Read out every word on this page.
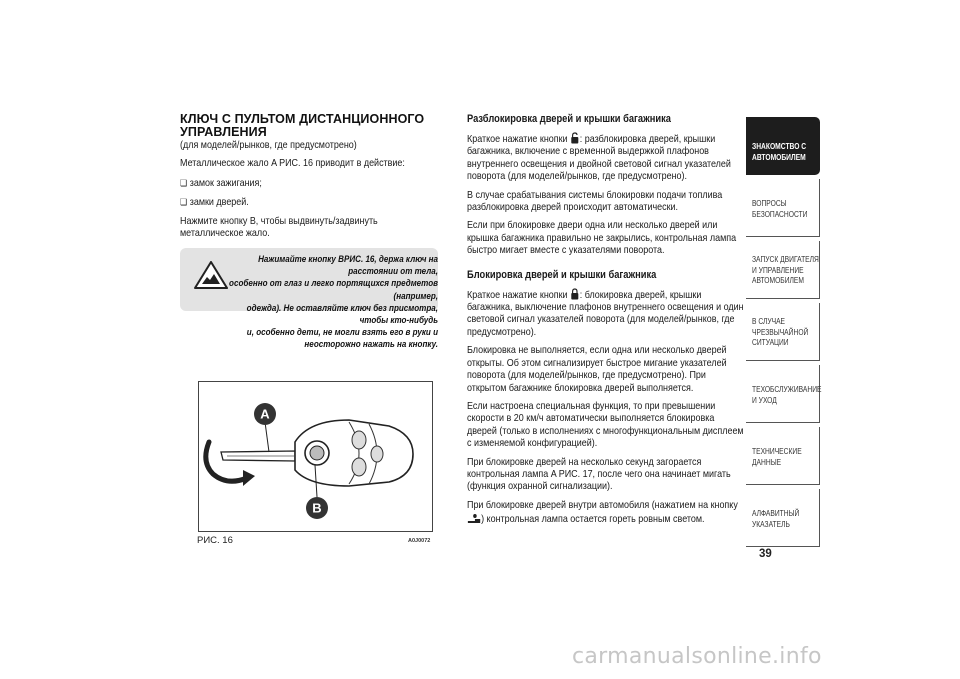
КЛЮЧ С ПУЛЬТОМ ДИСТАНЦИОННОГО УПРАВЛЕНИЯ

(для моделей/рынков, где предусмотрено)

Металлическое жало A РИС. 16 приводит в действие:

❏ замок зажигания;

❏ замки дверей.

Нажмите кнопку B, чтобы выдвинуть/задвинуть металлическое жало.

Нажимайте кнопку ВРИС. 16, держа ключ на расстоянии от тела,
особенно от глаз и легко портящихся предметов (например,
одежда). Не оставляйте ключ без присмотра, чтобы кто-нибудь
и, особенно дети, не могли взять его в руки и неосторожно нажать на кнопку.
A
B
РИС. 16	A0J0072
Разблокировка дверей и крышки багажника

Краткое нажатие кнопки : разблокировка дверей, крышки багажника, включение с временной выдержкой плафонов внутреннего освещения и двойной световой сигнал указателей поворота (для моделей/рынков, где предусмотрено).

В случае срабатывания системы блокировки подачи топлива разблокировка дверей происходит автоматически.

Если при блокировке двери одна или несколько дверей или крышка багажника правильно не закрылись, контрольная лампа быстро мигает вместе с указателями поворота.

Блокировка дверей и крышки багажника

Краткое нажатие кнопки : блокировка дверей, крышки багажника, выключение плафонов внутреннего освещения и один световой сигнал указателей поворота (для моделей/рынков, где предусмотрено).

Блокировка не выполняется, если одна или несколько дверей открыты. Об этом сигнализирует быстрое мигание указателей поворота (для моделей/рынков, где предусмотрено). При открытом багажнике блокировка дверей выполняется.

Если настроена специальная функция, то при превышении скорости в 20 км/ч автоматически выполняется блокировка дверей (только в исполнениях с многофункциональным дисплеем с изменяемой конфигурацией).

При блокировке дверей на несколько секунд загорается контрольная лампа A РИС. 17, после чего она начинает мигать (функция охранной сигнализации).

При блокировке дверей внутри автомобиля (нажатием на кнопку
) контрольная лампа остается гореть ровным светом.

ЗНАКОМСТВО С АВТОМОБИЛЕМ
ВОПРОСЫ БЕЗОПАСНОСТИ
ЗАПУСК ДВИГАТЕЛЯ И УПРАВЛЕНИЕ АВТОМОБИЛЕМ
В СЛУЧАЕ ЧРЕЗВЫЧАЙНОЙ СИТУАЦИИ
ТЕХОБСЛУЖИВАНИЕ И УХОД
ТЕХНИЧЕСКИЕ ДАННЫЕ
АЛФАВИТНЫЙ УКАЗАТЕЛЬ
39
carmanualsonline.info
